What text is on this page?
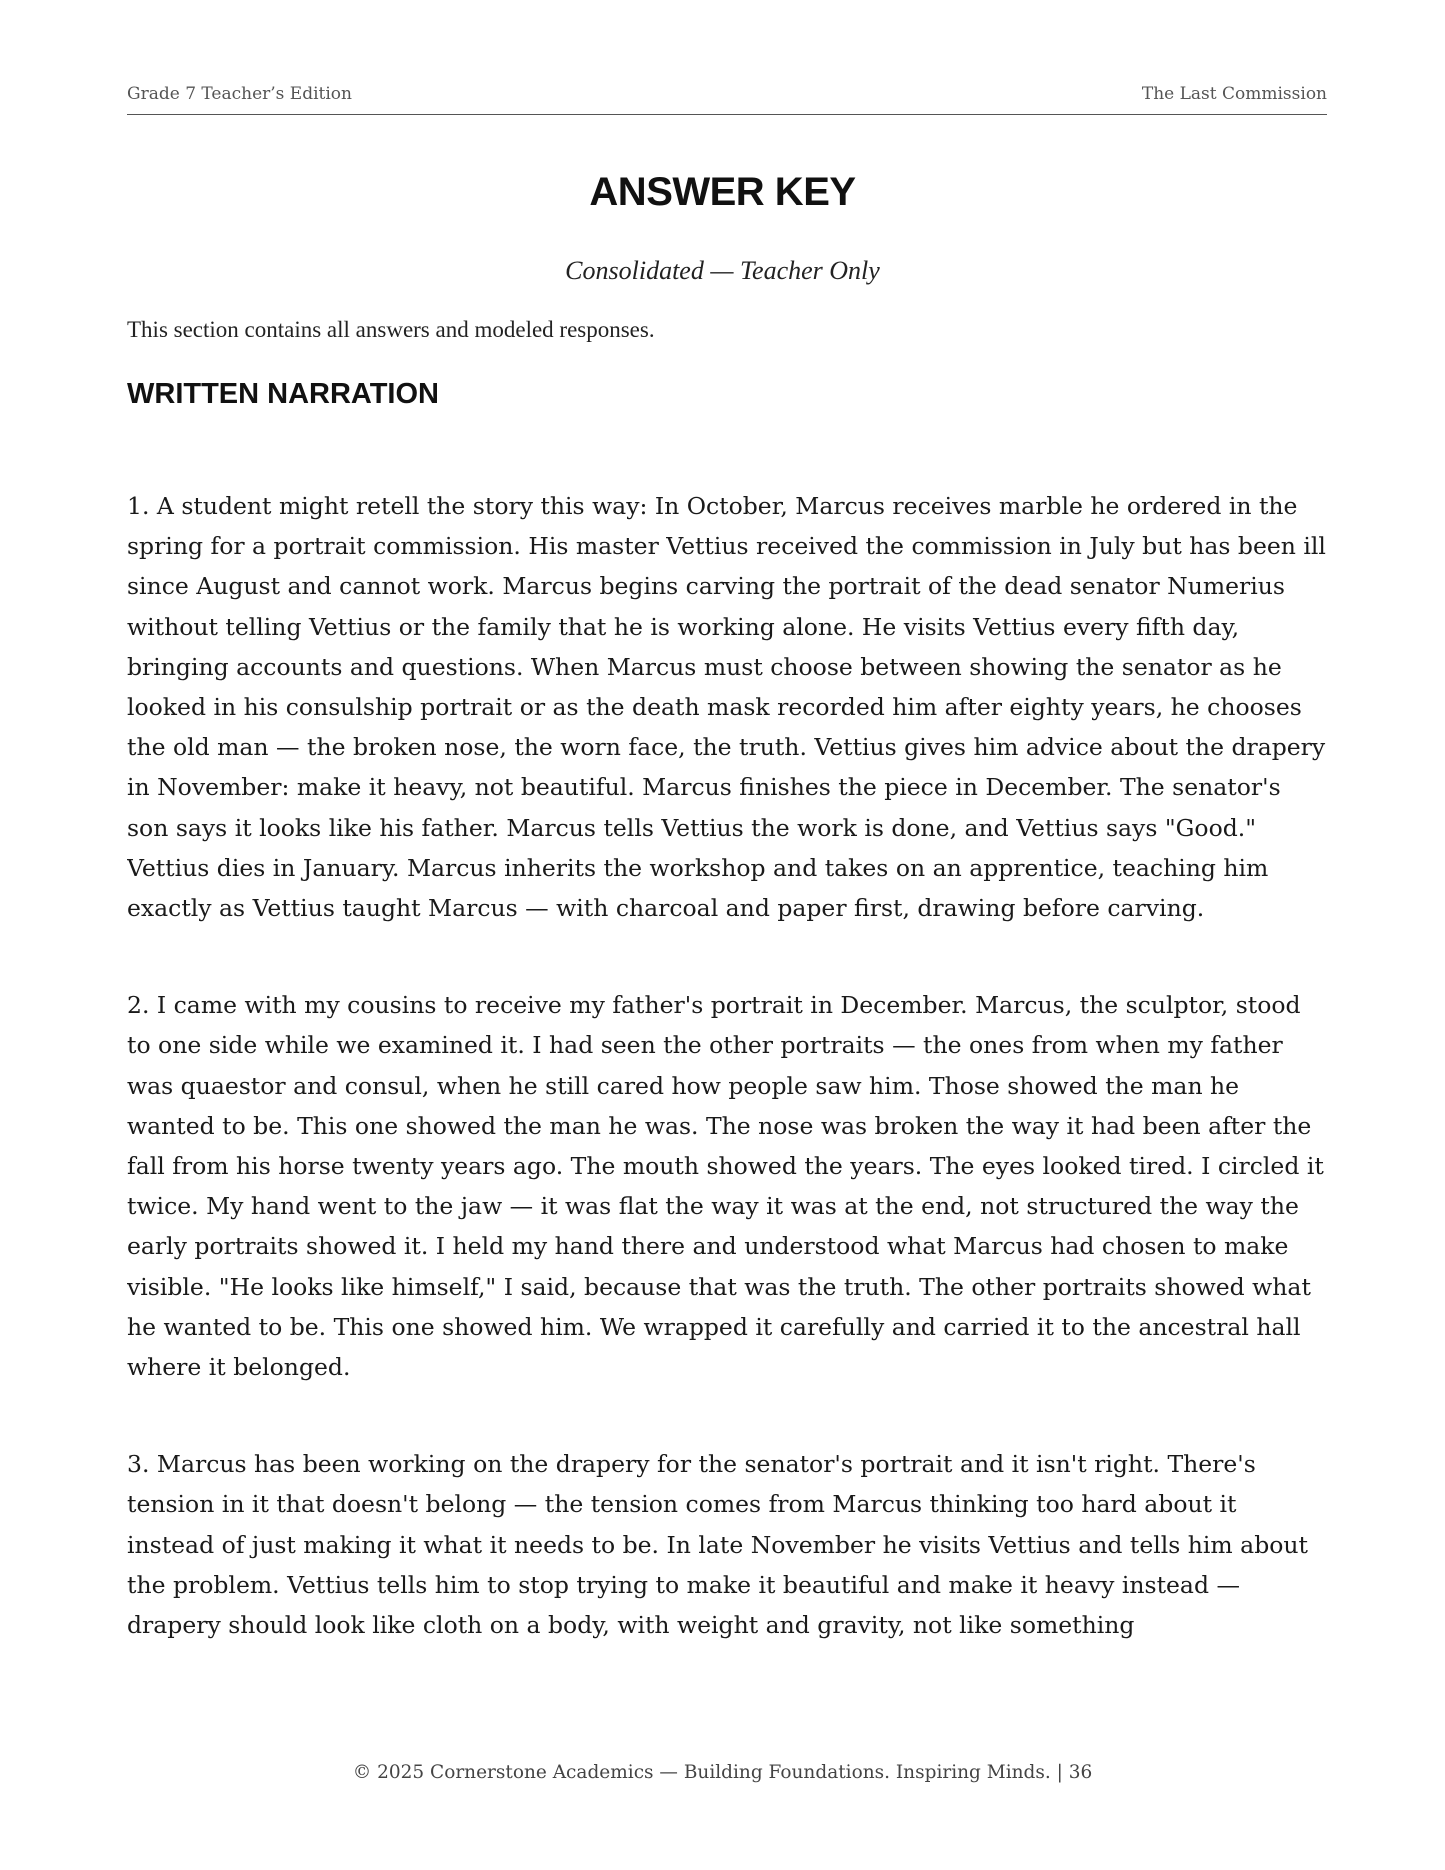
Grade 7 Teacher’s Edition	The Last Commission
ANSWER KEY
Consolidated — Teacher Only
This section contains all answers and modeled responses.
WRITTEN NARRATION

1. A student might retell the story this way: In October, Marcus receives marble he ordered in the spring for a portrait commission. His master Vettius received the commission in July but has been ill since August and cannot work. Marcus begins carving the portrait of the dead senator Numerius without telling Vettius or the family that he is working alone. He visits Vettius every fifth day, bringing accounts and questions. When Marcus must choose between showing the senator as he looked in his consulship portrait or as the death mask recorded him after eighty years, he chooses the old man — the broken nose, the worn face, the truth. Vettius gives him advice about the drapery in November: make it heavy, not beautiful. Marcus finishes the piece in December. The senator's son says it looks like his father. Marcus tells Vettius the work is done, and Vettius says "Good." Vettius dies in January. Marcus inherits the workshop and takes on an apprentice, teaching him exactly as Vettius taught Marcus — with charcoal and paper first, drawing before carving.

2. I came with my cousins to receive my father's portrait in December. Marcus, the sculptor, stood to one side while we examined it. I had seen the other portraits — the ones from when my father was quaestor and consul, when he still cared how people saw him. Those showed the man he wanted to be. This one showed the man he was. The nose was broken the way it had been after the fall from his horse twenty years ago. The mouth showed the years. The eyes looked tired. I circled it twice. My hand went to the jaw — it was flat the way it was at the end, not structured the way the early portraits showed it. I held my hand there and understood what Marcus had chosen to make visible. "He looks like himself," I said, because that was the truth. The other portraits showed what he wanted to be. This one showed him. We wrapped it carefully and carried it to the ancestral hall where it belonged.

3. Marcus has been working on the drapery for the senator's portrait and it isn't right. There's tension in it that doesn't belong — the tension comes from Marcus thinking too hard about it instead of just making it what it needs to be. In late November he visits Vettius and tells him about the problem. Vettius tells him to stop trying to make it beautiful and make it heavy instead — drapery should look like cloth on a body, with weight and gravity, not like something

© 2025 Cornerstone Academics — Building Foundations. Inspiring Minds. | 36
